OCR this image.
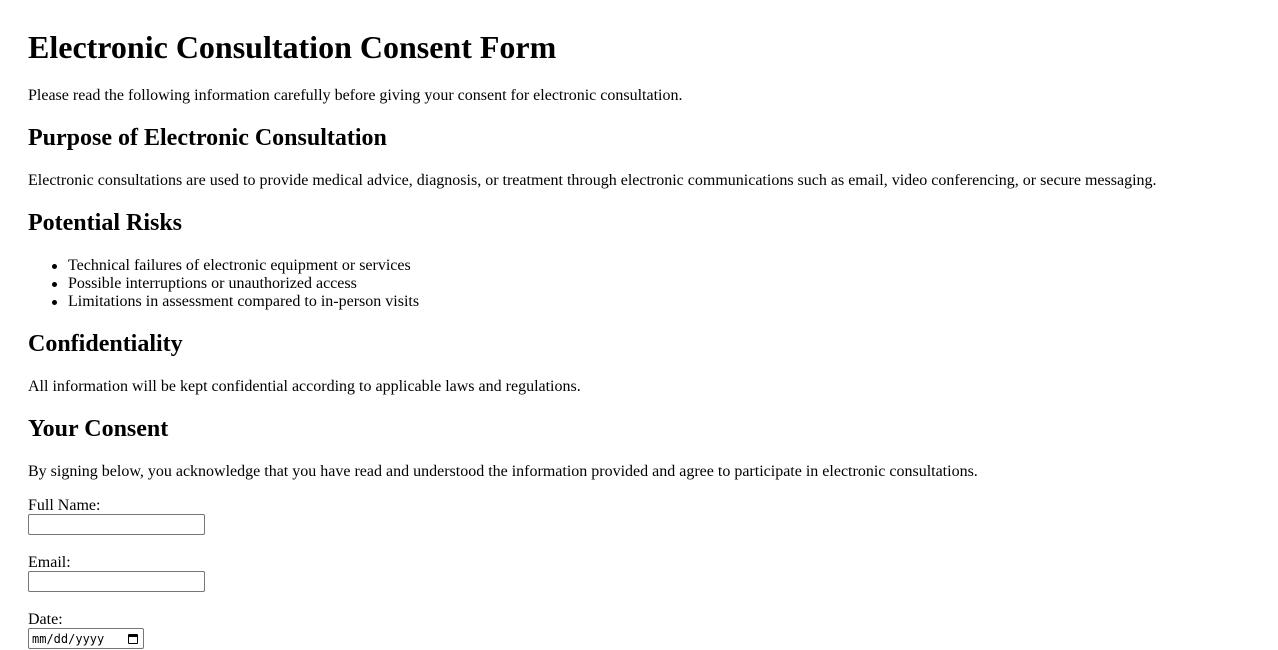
Electronic Consultation Consent Form

Please read the following information carefully before giving your consent for electronic consultation.

Purpose of Electronic Consultation

Electronic consultations are used to provide medical advice, diagnosis, or treatment through electronic communications such as email, video conferencing, or secure messaging.

Potential Risks
Technical failures of electronic equipment or services
Possible interruptions or unauthorized access
Limitations in assessment compared to in-person visits
Confidentiality

All information will be kept confidential according to applicable laws and regulations.

Your Consent

By signing below, you acknowledge that you have read and understood the information provided and agree to participate in electronic consultations.

Full Name:
Email:
Date:
mm/dd/yyyy
